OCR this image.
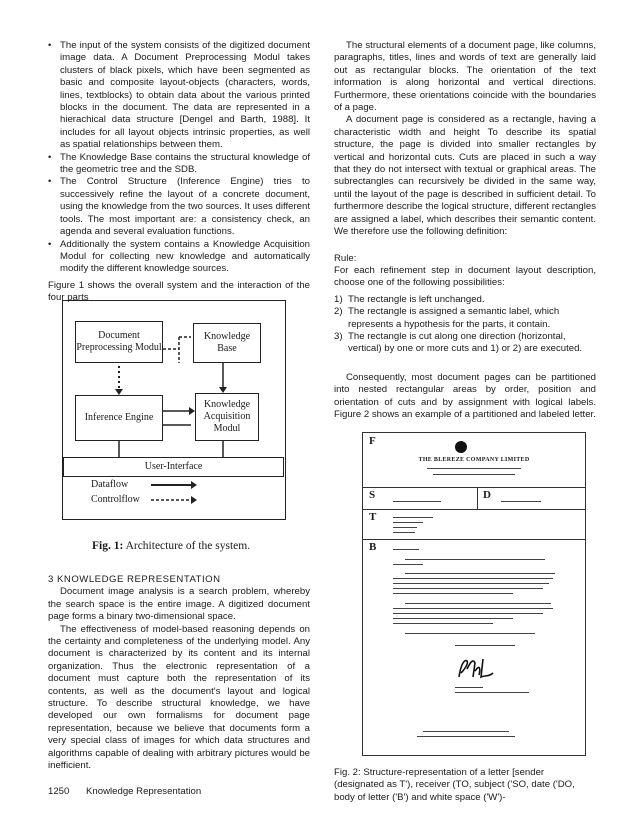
• The input of the system consists of the digitized document image data. A Document Preprocessing Modul takes clusters of black pixels, which have been segmented as basic and composite layout-objects (characters, words, lines, textblocks) to obtain data about the various printed blocks in the document. The data are represented in a hierachical data structure [Dengel and Barth, 1988]. It includes for all layout objects intrinsic properties, as well as spatial relationships between them.
• The Knowledge Base contains the structural knowledge of the geometric tree and the SDB.
• The Control Structure (Inference Engine) tries to successively refine the layout of a concrete document, using the knowledge from the two sources. It uses different tools. The most important are: a consistency check, an agenda and several evaluation functions.
• Additionally the system contains a Knowledge Acquisition Modul for collecting new knowledge and automatically modify the different knowledge sources.

Figure 1 shows the overall system and the interaction of the four parts

Document Preprocessing Modul
Knowledge Base
Inference Engine
Knowledge Acquisition Modul
User-Interface
Dataflow
Controlflow
Fig. 1: Architecture of the system.
3 KNOWLEDGE REPRESENTATION

Document image analysis is a search problem, whereby the search space is the entire image. A digitized document page forms a binary two-dimensional space.

The effectiveness of model-based reasoning depends on the certainty and completeness of the underlying model. Any document is characterized by its content and its internal organization. Thus the electronic representation of a document must capture both the representation of its contents, as well as the document's layout and logical structure. To describe structural knowledge, we have developed our own formalisms for document page representation, because we believe that documents form a very special class of images for which data structures and algorithms capable of dealing with arbitrary pictures would be inefficient.

The structural elements of a document page, like columns, paragraphs, titles, lines and words of text are generally laid out as rectangular blocks. The orientation of the text information is along horizontal and vertical directions. Furthermore, these orientations coincide with the boundaries of a page.

A document page is considered as a rectangle, having a characteristic width and height To describe its spatial structure, the page is divided into smaller rectangles by vertical and horizontal cuts. Cuts are placed in such a way that they do not intersect with textual or graphical areas. The subrectangles can recursively be divided in the same way, until the layout of the page is described in sufficient detail. To furthermore describe the logical structure, different rectangles are assigned a label, which describes their semantic content. We therefore use the following definition:

Rule:

For each refinement step in document layout description, choose one of the following possibilities:

1) The rectangle is left unchanged.
2) The rectangle is assigned a semantic label, which represents a hypothesis for the parts, it contain.
3) The rectangle is cut along one direction (horizontal, vertical) by one or more cuts and 1) or 2) are executed.

Consequently, most document pages can be partitioned into nested rectangular areas by order, position and orientation of cuts and by assignment with logical labels. Figure 2 shows an example of a partitioned and labeled letter.

F
THE BLEREZE COMPANY LIMITED
S	D
T
B
Fig. 2: Structure-representation of a letter [sender (designated as T'), receiver (TO, subject ('SO, date ('DO, body of letter ('B') and white space ('W')-
1250 Knowledge Representation
